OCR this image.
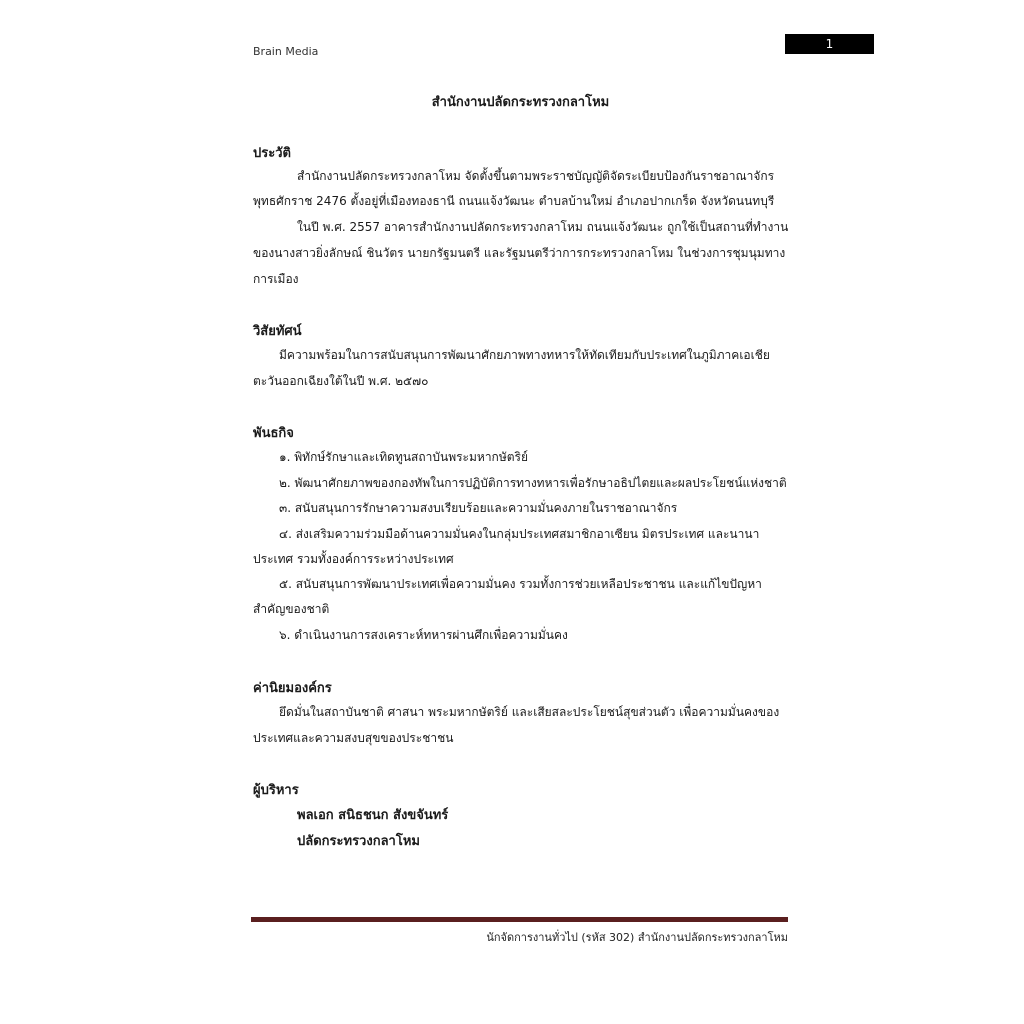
Brain Media
1
สำนักงานปลัดกระทรวงกลาโหม
ประวัติ
สำนักงานปลัดกระทรวงกลาโหม จัดตั้งขึ้นตามพระราชบัญญัติจัดระเบียบป้องกันราชอาณาจักร
พุทธศักราช 2476 ตั้งอยู่ที่เมืองทองธานี ถนนแจ้งวัฒนะ ตำบลบ้านใหม่ อำเภอปากเกร็ด จังหวัดนนทบุรี
ในปี พ.ศ. 2557 อาคารสำนักงานปลัดกระทรวงกลาโหม ถนนแจ้งวัฒนะ ถูกใช้เป็นสถานที่ทำงาน
ของนางสาวยิ่งลักษณ์ ชินวัตร นายกรัฐมนตรี และรัฐมนตรีว่าการกระทรวงกลาโหม ในช่วงการชุมนุมทาง
การเมือง
วิสัยทัศน์
มีความพร้อมในการสนับสนุนการพัฒนาศักยภาพทางทหารให้ทัดเทียมกับประเทศในภูมิภาคเอเชีย
ตะวันออกเฉียงใต้ในปี พ.ศ. ๒๕๗๐
พันธกิจ
๑. พิทักษ์รักษาและเทิดทูนสถาบันพระมหากษัตริย์
๒. พัฒนาศักยภาพของกองทัพในการปฏิบัติการทางทหารเพื่อรักษาอธิปไตยและผลประโยชน์แห่งชาติ
๓. สนับสนุนการรักษาความสงบเรียบร้อยและความมั่นคงภายในราชอาณาจักร
๔. ส่งเสริมความร่วมมือด้านความมั่นคงในกลุ่มประเทศสมาชิกอาเซียน มิตรประเทศ และนานา
ประเทศ รวมทั้งองค์การระหว่างประเทศ
๕. สนับสนุนการพัฒนาประเทศเพื่อความมั่นคง รวมทั้งการช่วยเหลือประชาชน และแก้ไขปัญหา
สำคัญของชาติ
๖. ดำเนินงานการสงเคราะห์ทหารผ่านศึกเพื่อความมั่นคง
ค่านิยมองค์กร
ยึดมั่นในสถาบันชาติ ศาสนา พระมหากษัตริย์ และเสียสละประโยชน์สุขส่วนตัว เพื่อความมั่นคงของ
ประเทศและความสงบสุขของประชาชน
ผู้บริหาร
พลเอก สนิธชนก สังขจันทร์
ปลัดกระทรวงกลาโหม
นักจัดการงานทั่วไป (รหัส 302) สำนักงานปลัดกระทรวงกลาโหม
